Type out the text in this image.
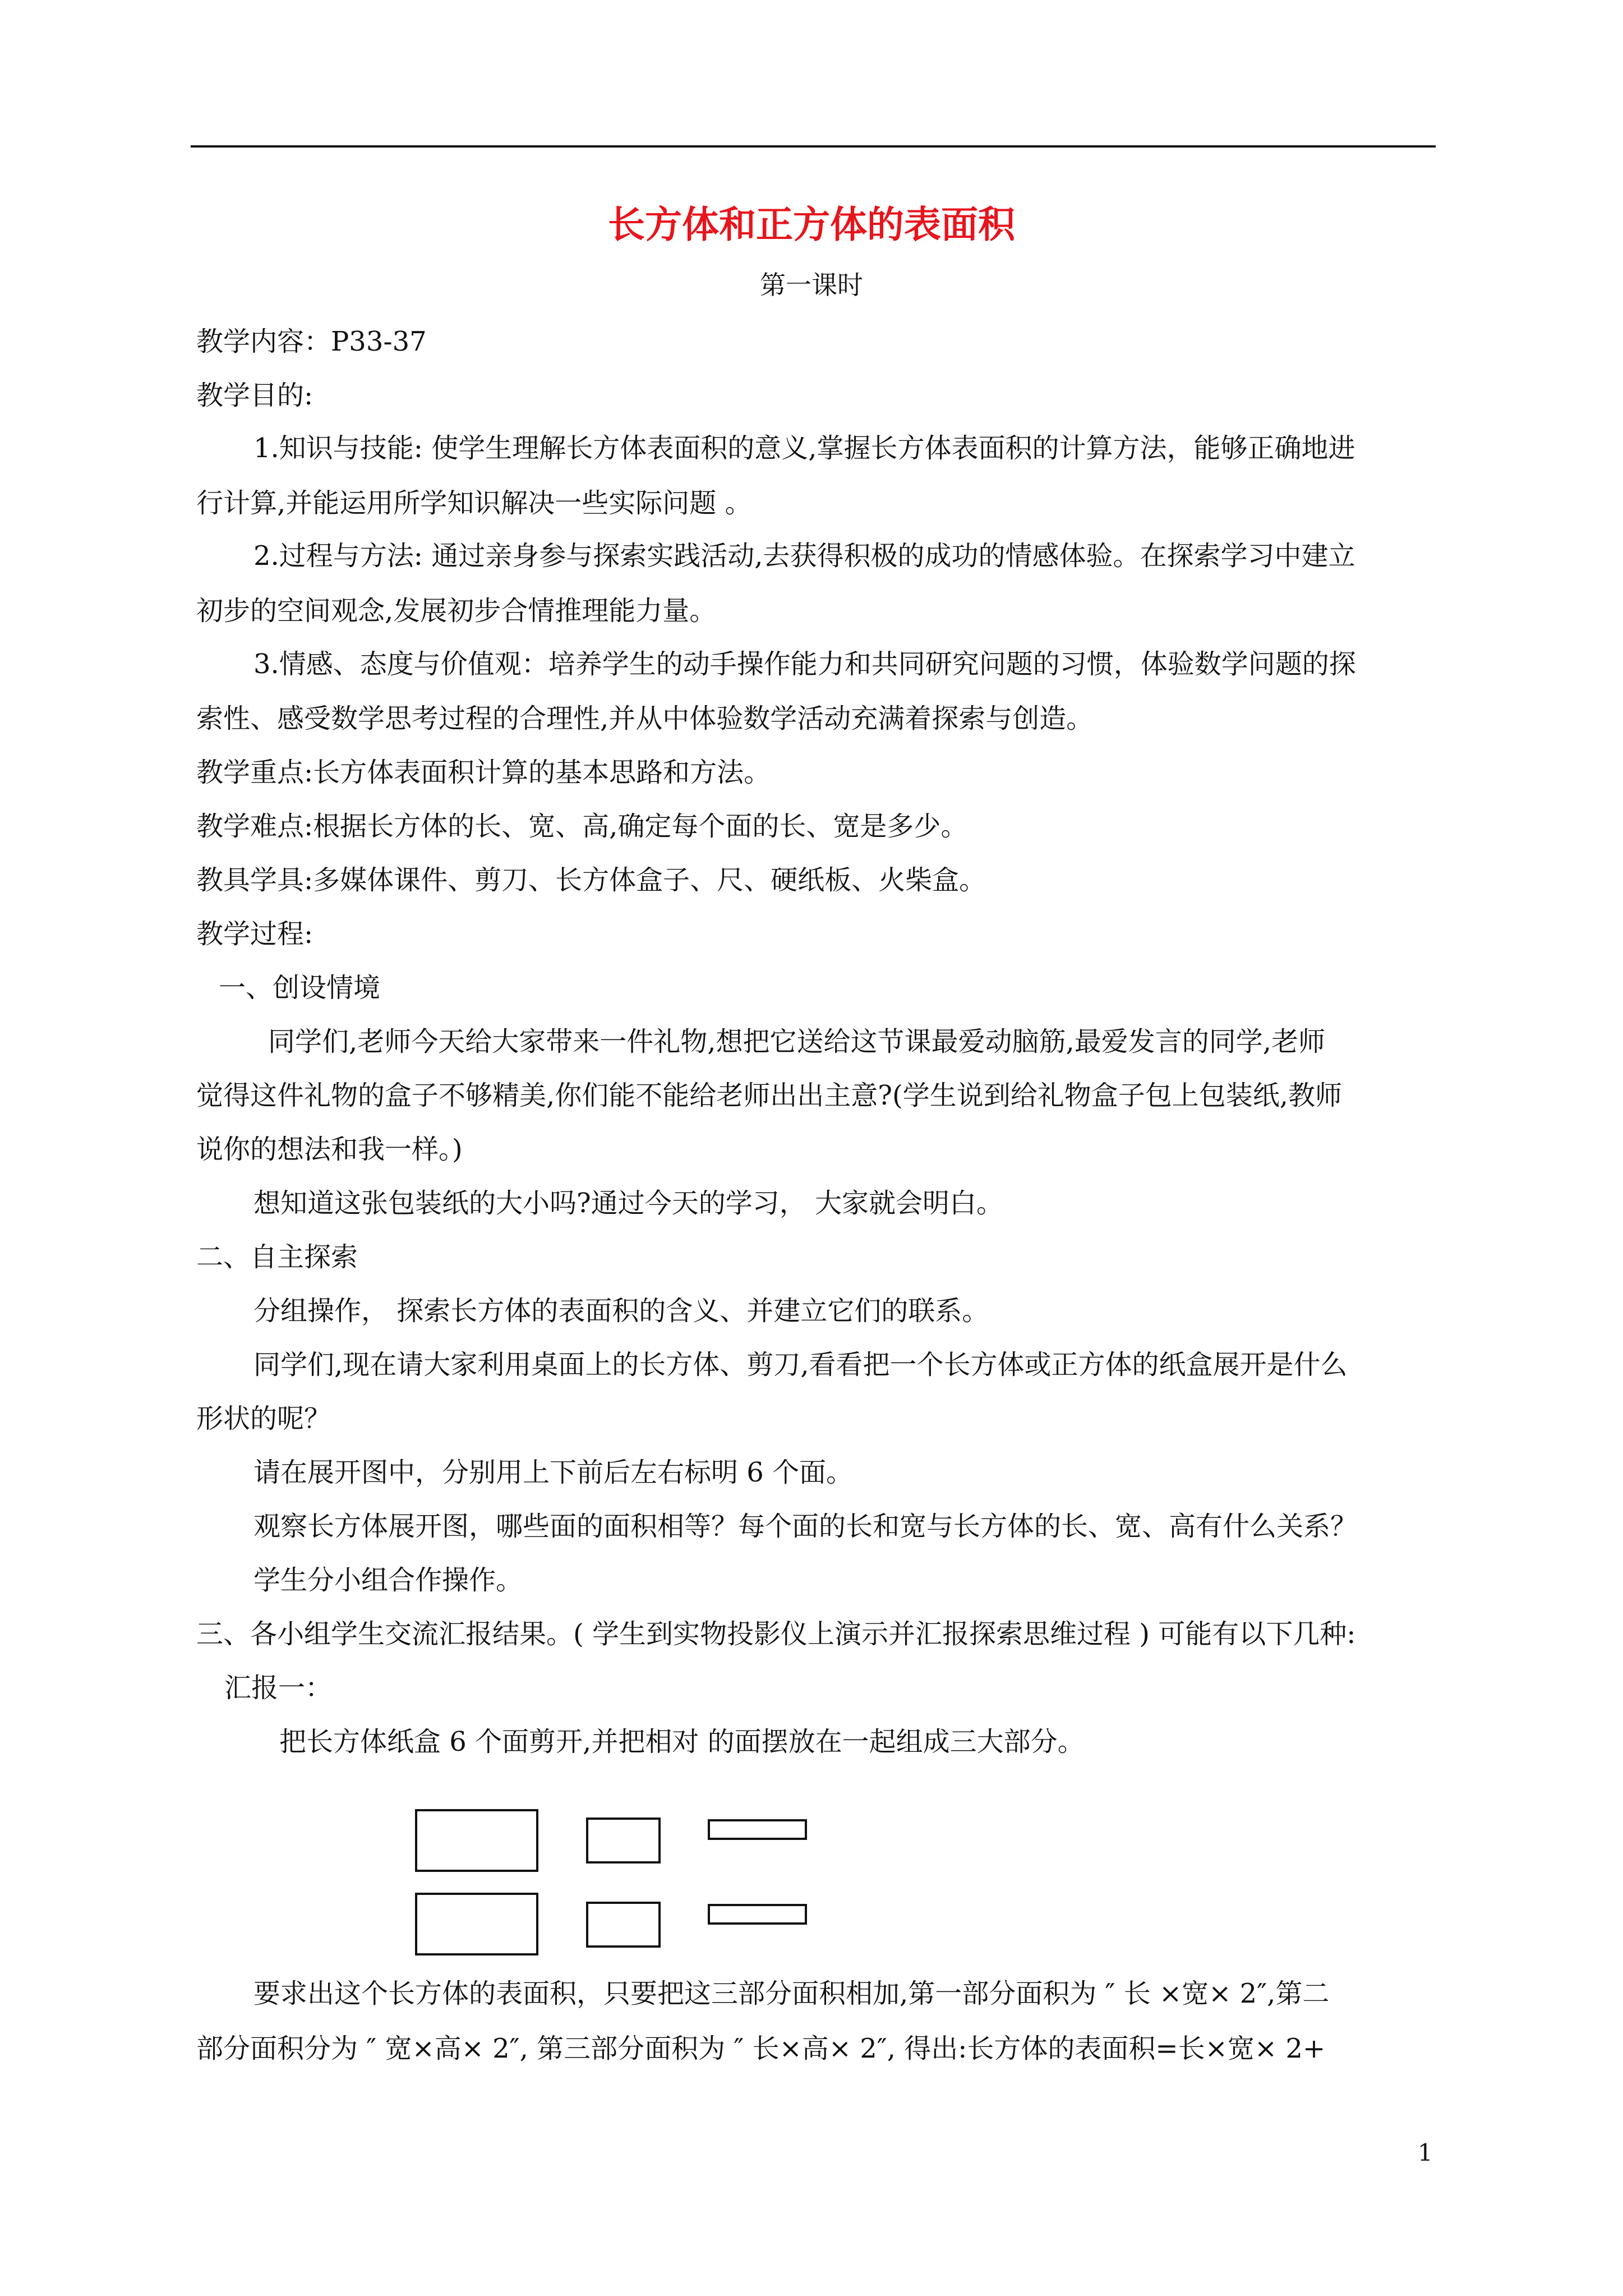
长方体和正方体的表面积
第一课时
教学内容：P33-37
教学目的:
1.知识与技能: 使学生理解长方体表面积的意义,掌握长方体表面积的计算方法，能够正确地进
行计算,并能运用所学知识解决一些实际问题 。
2.过程与方法: 通过亲身参与探索实践活动,去获得积极的成功的情感体验。在探索学习中建立
初步的空间观念,发展初步合情推理能力量。
3.情感、态度与价值观：培养学生的动手操作能力和共同研究问题的习惯，体验数学问题的探
索性、感受数学思考过程的合理性,并从中体验数学活动充满着探索与创造。
教学重点:长方体表面积计算的基本思路和方法。
教学难点:根据长方体的长、宽、高,确定每个面的长、宽是多少。
教具学具:多媒体课件、剪刀、长方体盒子、尺、硬纸板、火柴盒。
教学过程:
一、创设情境
同学们,老师今天给大家带来一件礼物,想把它送给这节课最爱动脑筋,最爱发言的同学,老师
觉得这件礼物的盒子不够精美,你们能不能给老师出出主意?(学生说到给礼物盒子包上包装纸,教师
说你的想法和我一样。)
想知道这张包装纸的大小吗?通过今天的学习， 大家就会明白。
二、自主探索
分组操作， 探索长方体的表面积的含义、并建立它们的联系。
同学们,现在请大家利用桌面上的长方体、剪刀,看看把一个长方体或正方体的纸盒展开是什么
形状的呢？
请在展开图中，分别用上下前后左右标明 6 个面。
观察长方体展开图，哪些面的面积相等？每个面的长和宽与长方体的长、宽、高有什么关系？
学生分小组合作操作。
三、各小组学生交流汇报结果。( 学生到实物投影仪上演示并汇报探索思维过程 ) 可能有以下几种:
汇报一：
把长方体纸盒 6 个面剪开,并把相对 的面摆放在一起组成三大部分。
要求出这个长方体的表面积，只要把这三部分面积相加,第一部分面积为 ″ 长 ×宽× 2″,第二
部分面积分为 ″ 宽×高× 2″, 第三部分面积为 ″ 长×高× 2″, 得出:长方体的表面积=长×宽× 2+
1
